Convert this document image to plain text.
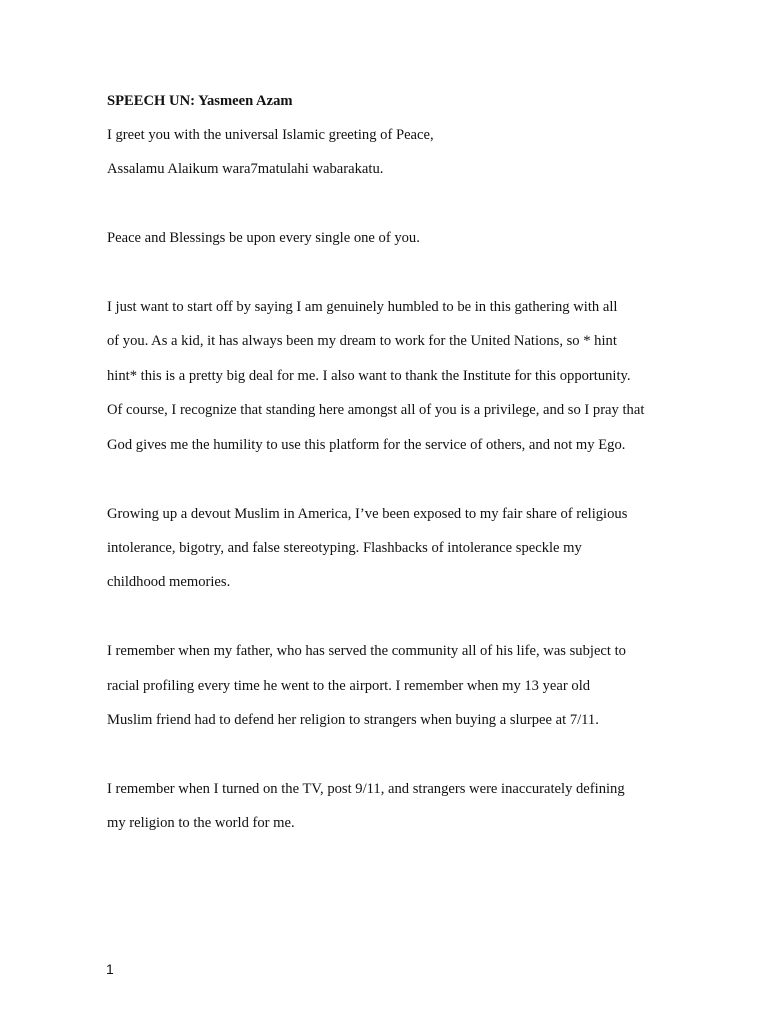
SPEECH UN: Yasmeen Azam
I greet you with the universal Islamic greeting of Peace,
Assalamu Alaikum wara7matulahi wabarakatu.
Peace and Blessings be upon every single one of you.
I just want to start off by saying I am genuinely humbled to be in this gathering with all
of you. As a kid, it has always been my dream to work for the United Nations, so * hint
hint* this is a pretty big deal for me. I also want to thank the Institute for this opportunity.
Of course, I recognize that standing here amongst all of you is a privilege, and so I pray that
God gives me the humility to use this platform for the service of others, and not my Ego.
Growing up a devout Muslim in America, I’ve been exposed to my fair share of religious
intolerance, bigotry, and false stereotyping. Flashbacks of intolerance speckle my
childhood memories.
I remember when my father, who has served the community all of his life, was subject to
racial profiling every time he went to the airport. I remember when my 13 year old
Muslim friend had to defend her religion to strangers when buying a slurpee at 7/11.
I remember when I turned on the TV, post 9/11, and strangers were inaccurately defining
my religion to the world for me.
1
